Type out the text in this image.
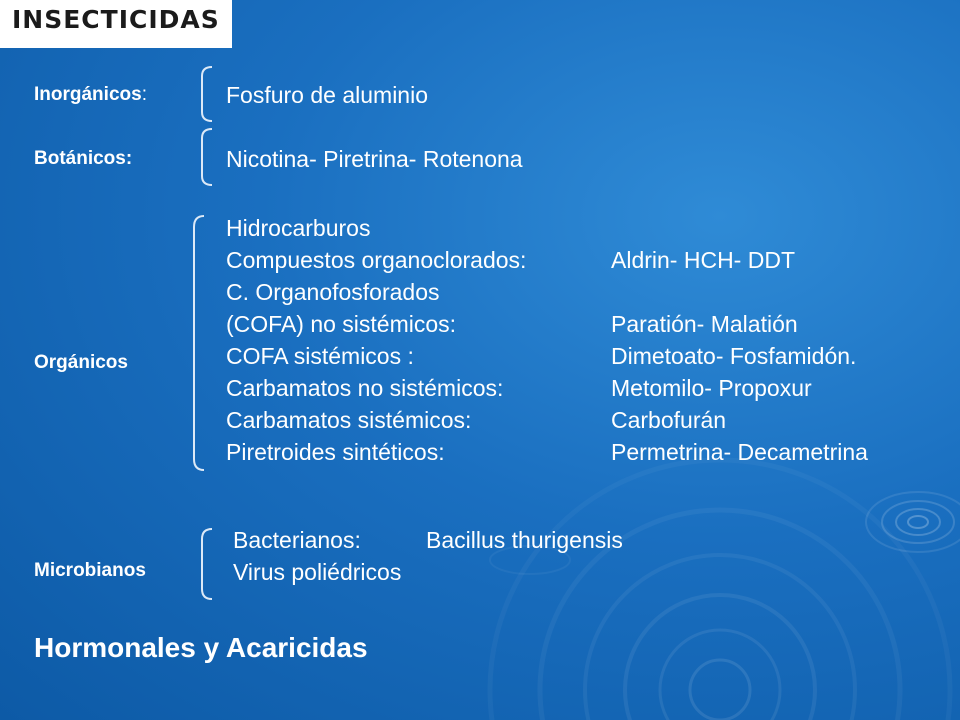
INSECTICIDAS
Inorgánicos:	Fosfuro de aluminio
Botánicos:	Nicotina- Piretrina- Rotenona
Orgánicos
Hidrocarburos
Compuestos organoclorados:	Aldrin- HCH- DDT
C. Organofosforados
(COFA) no sistémicos:	Paratión- Malatión
COFA sistémicos :	Dimetoato- Fosfamidón.
Carbamatos no sistémicos:	Metomilo- Propoxur
Carbamatos sistémicos:	Carbofurán
Piretroides sintéticos:	Permetrina- Decametrina
Microbianos
Bacterianos:	Bacillus thurigensis
Virus poliédricos
Hormonales y Acaricidas
